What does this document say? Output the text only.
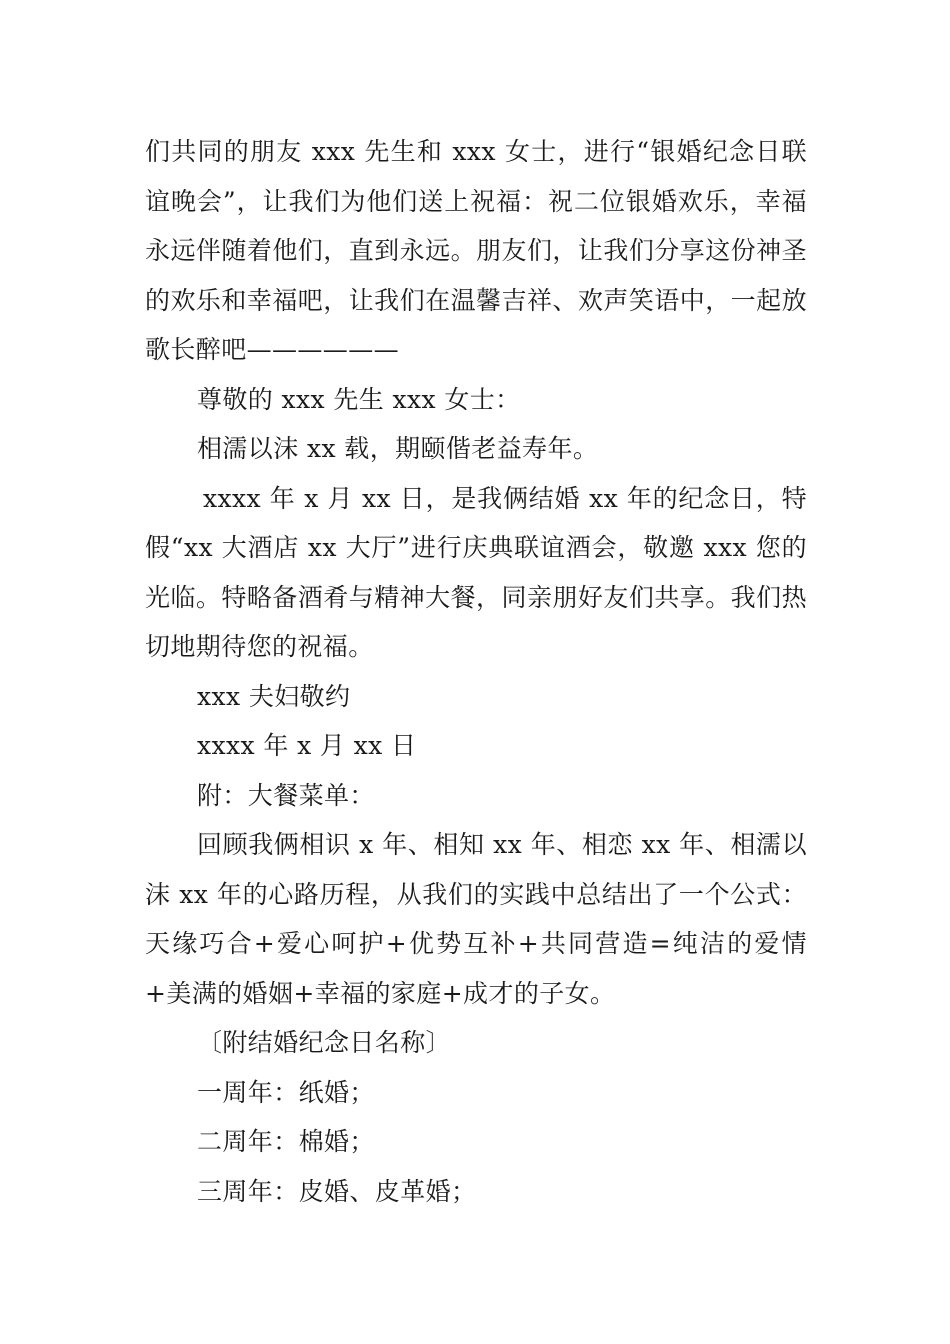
们共同的朋友 xxx 先生和 xxx 女士，进行“银婚纪念日联谊晚会”，让我们为他们送上祝福：祝二位银婚欢乐，幸福永远伴随着他们，直到永远。朋友们，让我们分享这份神圣的欢乐和幸福吧，让我们在温馨吉祥、欢声笑语中，一起放歌长醉吧——————

尊敬的 xxx 先生 xxx 女士：

相濡以沫 xx 载，期颐偕老益寿年。

xxxx 年 x 月 xx 日，是我俩结婚 xx 年的纪念日，特假“xx 大酒店 xx 大厅”进行庆典联谊酒会，敬邀 xxx 您的光临。特略备酒肴与精神大餐，同亲朋好友们共享。我们热切地期待您的祝福。

xxx 夫妇敬约

xxxx 年 x 月 xx 日

附：大餐菜单：

回顾我俩相识 x 年、相知 xx 年、相恋 xx 年、相濡以沫 xx 年的心路历程，从我们的实践中总结出了一个公式：天缘巧合+爱心呵护+优势互补+共同营造=纯洁的爱情+美满的婚姻+幸福的家庭+成才的子女。

〔附结婚纪念日名称〕

一周年：纸婚；

二周年：棉婚；

三周年：皮婚、皮革婚；
